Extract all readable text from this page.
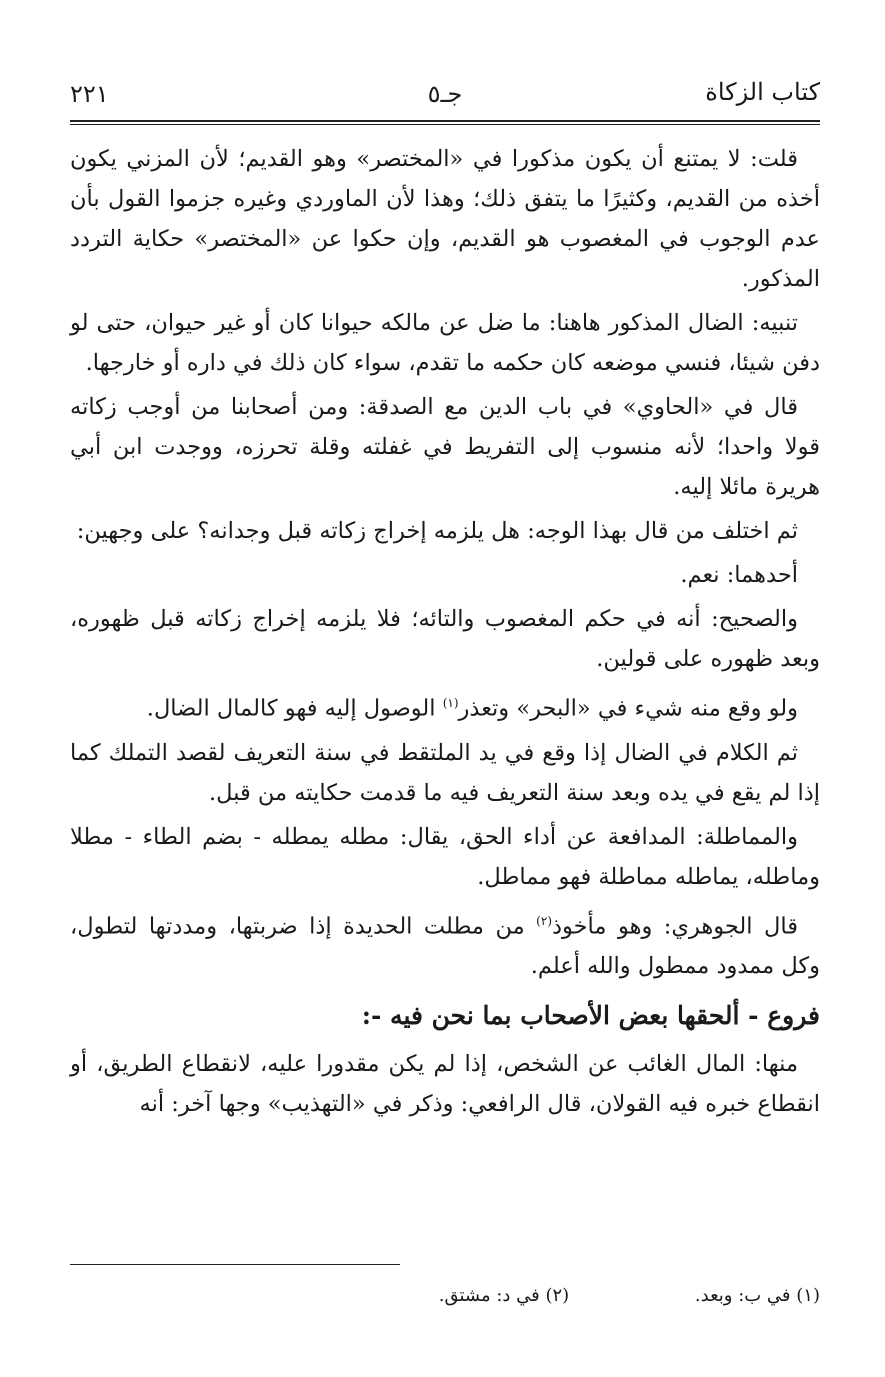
كتاب الزكاة
جـ٥
٢٢١

قلت: لا يمتنع أن يكون مذكورا في «المختصر» وهو القديم؛ لأن المزني يكون أخذه من القديم، وكثيرًا ما يتفق ذلك؛ وهذا لأن الماوردي وغيره جزموا القول بأن عدم الوجوب في المغصوب هو القديم، وإن حكوا عن «المختصر» حكاية التردد المذكور.

تنبيه: الضال المذكور هاهنا: ما ضل عن مالكه حيوانا كان أو غير حيوان، حتى لو دفن شيئا، فنسي موضعه كان حكمه ما تقدم، سواء كان ذلك في داره أو خارجها.

قال في «الحاوي» في باب الدين مع الصدقة: ومن أصحابنا من أوجب زكاته قولا واحدا؛ لأنه منسوب إلى التفريط في غفلته وقلة تحرزه، ووجدت ابن أبي هريرة مائلا إليه.

ثم اختلف من قال بهذا الوجه: هل يلزمه إخراج زكاته قبل وجدانه؟ على وجهين:

أحدهما: نعم.

والصحيح: أنه في حكم المغصوب والتائه؛ فلا يلزمه إخراج زكاته قبل ظهوره، وبعد ظهوره على قولين.

ولو وقع منه شيء في «البحر» وتعذر$^{(١)}$ الوصول إليه فهو كالمال الضال.

ثم الكلام في الضال إذا وقع في يد الملتقط في سنة التعريف لقصد التملك كما إذا لم يقع في يده وبعد سنة التعريف فيه ما قدمت حكايته من قبل.

والمماطلة: المدافعة عن أداء الحق، يقال: مطله يمطله - بضم الطاء - مطلا وماطله، يماطله مماطلة فهو مماطل.

قال الجوهري: وهو مأخوذ$^{(٢)}$ من مطلت الحديدة إذا ضربتها، ومددتها لتطول، وكل ممدود ممطول والله أعلم.

فروع - ألحقها بعض الأصحاب بما نحن فيه -:

منها: المال الغائب عن الشخص، إذا لم يكن مقدورا عليه، لانقطاع الطريق، أو انقطاع خبره فيه القولان، قال الرافعي: وذكر في «التهذيب» وجها آخر: أنه

(١) في ب: وبعد. (٢) في د: مشتق.
